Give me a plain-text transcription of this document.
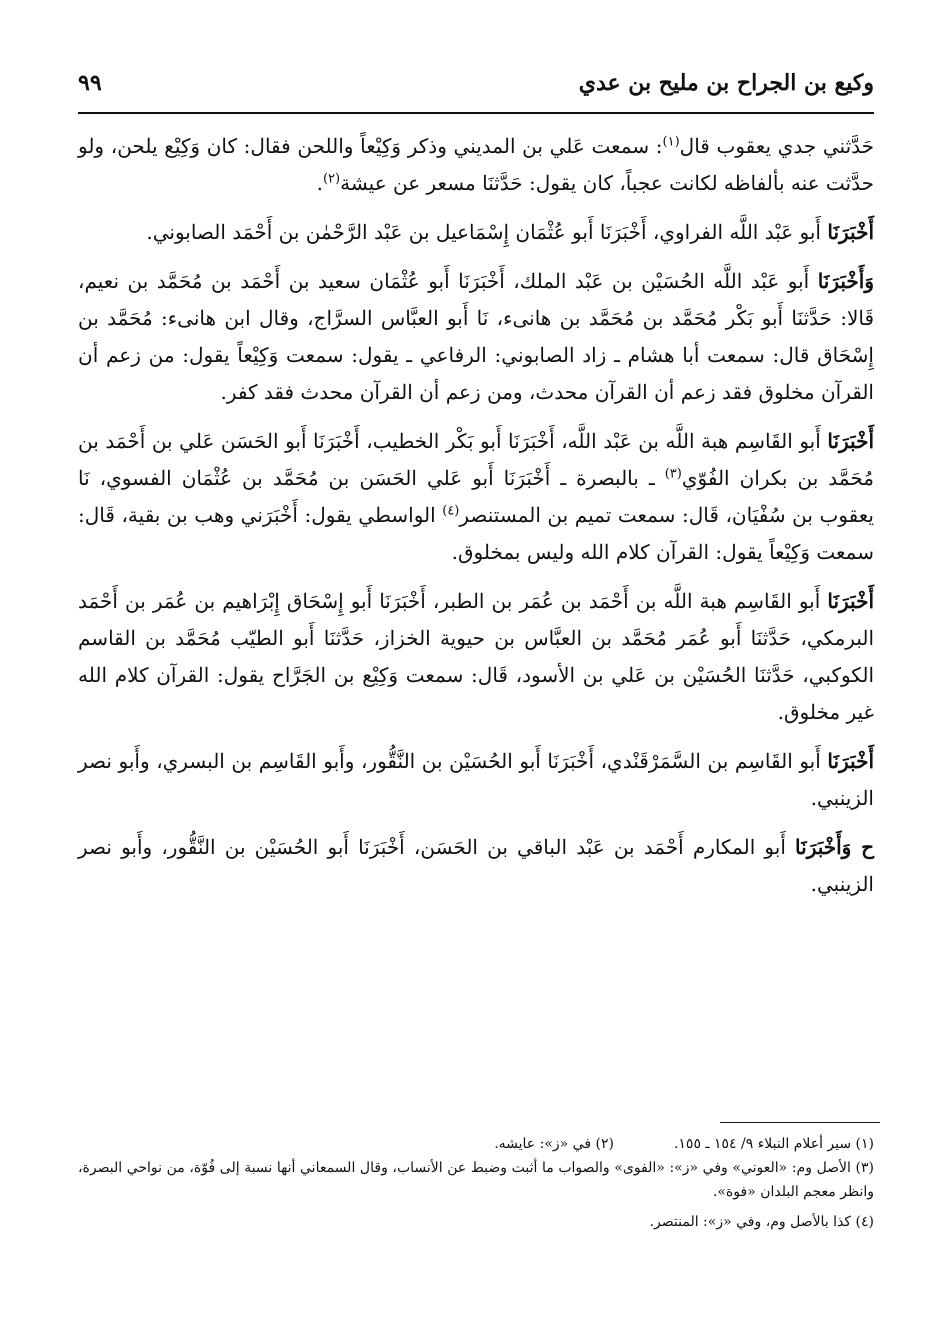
وكيع بن الجراح بن مليح بن عدي
٩٩

حَدَّثني جدي يعقوب قال$^{(١)}$: سمعت عَلي بن المديني وذكر وَكِيْعاً واللحن فقال: كان وَكِيْع يلحن، ولو حدَّثت عنه بألفاظه لكانت عجباً، كان يقول: حَدَّثنَا مسعر عن عيشة$^{(٢)}$.

أَخْبَرَنَا أَبو عَبْد اللَّه الفراوي، أَخْبَرَنَا أَبو عُثْمَان إِسْمَاعيل بن عَبْد الرَّحْمٰن بن أَحْمَد الصابوني.

وَأَخْبَرَنَا أَبو عَبْد اللَّه الحُسَيْن بن عَبْد الملك، أَخْبَرَنَا أَبو عُثْمَان سعيد بن أَحْمَد بن مُحَمَّد بن نعيم، قَالا: حَدَّثنَا أَبو بَكْر مُحَمَّد بن مُحَمَّد بن هانىء، نَا أَبو العبَّاس السرَّاج، وقال ابن هانىء: مُحَمَّد بن إِسْحَاق قال: سمعت أبا هشام ـ زاد الصابوني: الرفاعي ـ يقول: سمعت وَكِيْعاً يقول: من زعم أن القرآن مخلوق فقد زعم أن القرآن محدث، ومن زعم أن القرآن محدث فقد كفر.

أَخْبَرَنَا أَبو القَاسِم هبة اللَّه بن عَبْد اللَّه، أَخْبَرَنَا أَبو بَكْر الخطيب، أَخْبَرَنَا أَبو الحَسَن عَلي بن أَحْمَد بن مُحَمَّد بن بكران الفُوّي$^{(٣)}$ ـ بالبصرة ـ أَخْبَرَنَا أَبو عَلي الحَسَن بن مُحَمَّد بن عُثْمَان الفسوي، نَا يعقوب بن سُفْيَان، قَال: سمعت تميم بن المستنصر$^{(٤)}$ الواسطي يقول: أَخْبَرَني وهب بن بقية، قَال: سمعت وَكِيْعاً يقول: القرآن كلام الله وليس بمخلوق.

أَخْبَرَنَا أَبو القَاسِم هبة اللَّه بن أَحْمَد بن عُمَر بن الطبر، أَخْبَرَنَا أَبو إِسْحَاق إِبْرَاهيم بن عُمَر بن أَحْمَد البرمكي، حَدَّثنَا أَبو عُمَر مُحَمَّد بن العبَّاس بن حيوية الخزاز، حَدَّثنَا أَبو الطيّب مُحَمَّد بن القاسم الكوكبي، حَدَّثنَا الحُسَيْن بن عَلي بن الأسود، قَال: سمعت وَكِيْع بن الجَرَّاح يقول: القرآن كلام الله غير مخلوق.

أَخْبَرَنَا أَبو القَاسِم بن السَّمَرْقَنْدي، أَخْبَرَنَا أَبو الحُسَيْن بن النَّقُّور، وأَبو القَاسِم بن البسري، وأَبو نصر الزينبي.

ح وَأَخْبَرَنَا أَبو المكارم أَحْمَد بن عَبْد الباقي بن الحَسَن، أَخْبَرَنَا أَبو الحُسَيْن بن النَّقُّور، وأَبو نصر الزينبي.

(١) سير أعلام النبلاء ٩/ ١٥٤ ـ ١٥٥.
(٢) في «ز»: عايشه.

(٣) الأصل وم: «العوني» وفي «ز»: «الفوى» والصواب ما أثبت وضبط عن الأنساب، وقال السمعاني أنها نسبة إلى فُوّة، من نواحي البصرة، وانظر معجم البلدان «فوة».

(٤) كذا بالأصل وم، وفي «ز»: المنتصر.
